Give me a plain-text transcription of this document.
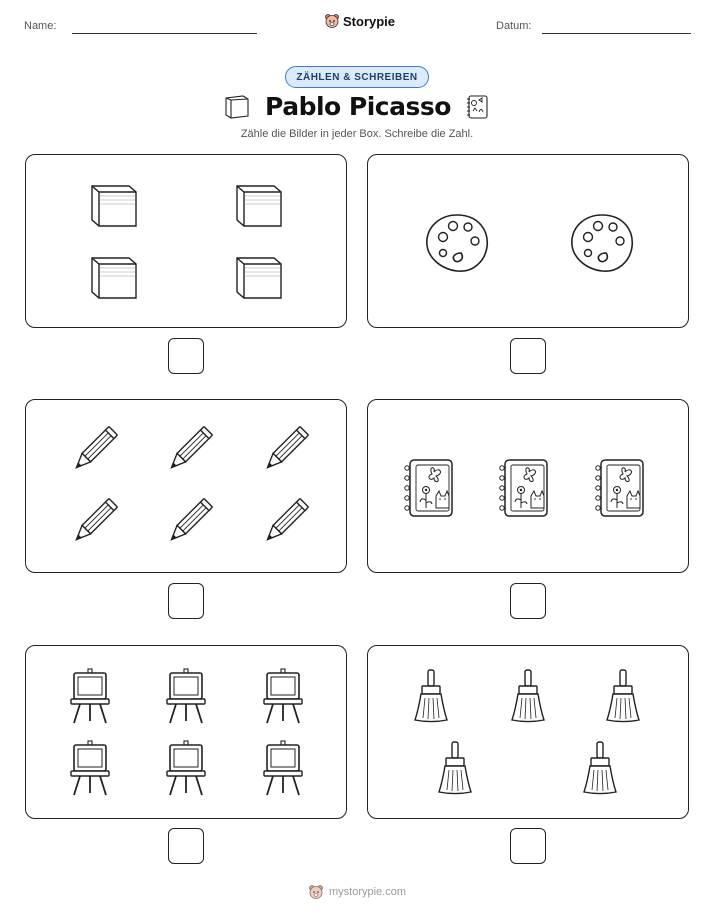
Name:	Storypie	Datum:
ZÄHLEN & SCHREIBEN
Pablo Picasso
Zähle die Bilder in jeder Box. Schreibe die Zahl.
mystorypie.com
